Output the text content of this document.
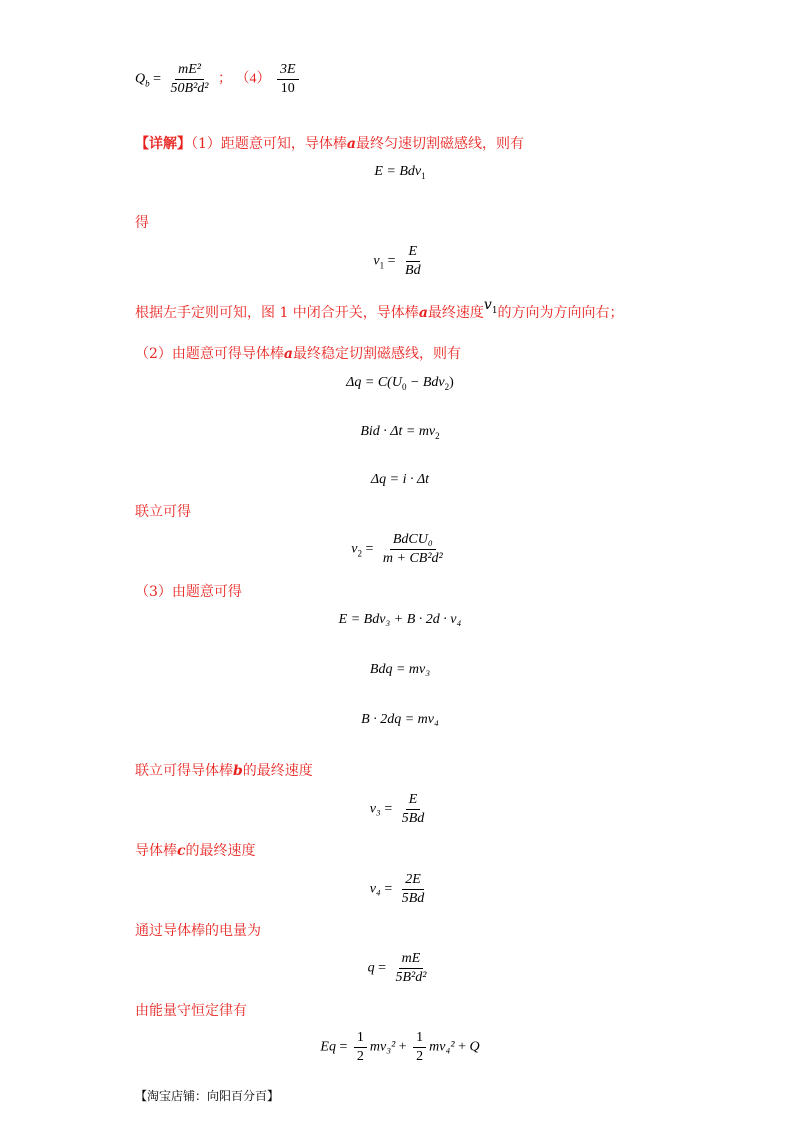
$Q_b = \frac{\text{mE²}}{\text{50B²d²}}$ ； $(4) \frac{3E}{10}$
【详解】（1）距题意可知，导体棒a最终匀速切割磁感线，则有
E = Bdv$_1$
得
$v_1 = \frac{E}{Bd}$
根据左手定则可知，图 1 中闭合开关，导体棒a最终速度$v_1$的方向为方向向右；
（2）由题意可得导体棒a最终稳定切割磁感线，则有
$\Delta q = C(U_0 - Bdv_2)$
Bid · $\Delta t = mv_2$
Δq = i · Δt
联立可得
$v_2 = \frac{\text{BdCU₀}}{\text{m + CB²d²}}$
（3）由题意可得
E = Bdv₃ + B · 2d · v₄
Bdq = mv₃
B · 2dq = mv₄
联立可得导体棒b的最终速度
$v_3 = \frac{E}{5Bd}$
导体棒c的最终速度
$v_4 = \frac{2E}{5Bd}$
通过导体棒的电量为
$q = \frac{mE}{\text{5B²d²}}$
由能量守恒定律有
$Eq = \frac{1}{2} mv_3^2 + \frac{1}{2} mv_4^2 + Q$
【淘宝店铺：向阳百分百】
